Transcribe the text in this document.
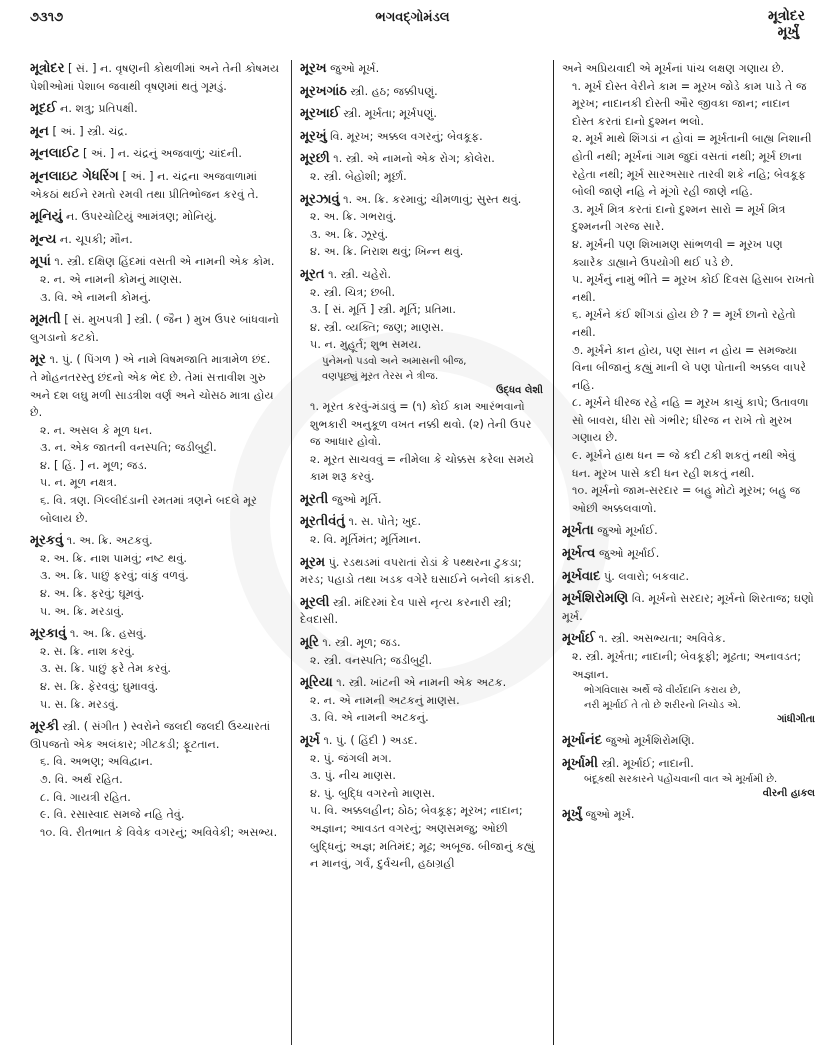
૭૩૧૭	ભગવદ્ગોમંડલ	મૂત્રોદર
મૂર્ખું
મૂત્રોદર [ સં. ] ન. વૃષણની કોથળીમાં અને તેની કોષમય પેશીઓમાં પેશાબ જવાથી વૃષણમાં થતું ગૂમડું.
મૂદઈ ન. શત્રુ; પ્રતિપક્ષી.
મૂન [ અં. ] સ્ત્રી. ચંદ્ર.
મૂનલાઈટ [ અં. ] ન. ચંદ્રનું અજવાળું; ચાંદની.
મૂનલાઇટ ગેધરિંગ [ અં. ] ન. ચંદ્રના અજવાળામાં એકઠાં થઈને રમતો રમવી તથા પ્રીતિભોજન કરવું તે.
મૂનિયું ન. ઉપરચોટિયું આમંત્રણ; મોનિયું.
મૂન્ય ન. ચૂપકી; મૌન.
મૂપાં ૧. સ્ત્રી. દક્ષિણ હિંદમાં વસતી એ નામની એક કોમ.
૨. ન. એ નામની કોમનું માણસ.
૩. વિ. એ નામની કોમનું.
મૂમતી [ સં. મુખપત્રી ] સ્ત્રી. ( જૈન ) મુખ ઉપર બાંધવાનો લુગડાનો કટકો.
મૂર ૧. પું. ( પિંગળ ) એ નામે વિષમજાતિ માત્રામેળ છંદ. તે મોહનતરસ્તુ છંદનો એક ભેદ છે. તેમાં સત્તાવીશ ગુરુ અને દશ લઘુ મળી સાડત્રીશ વર્ણ અને ચોસઠ માત્રા હોય છે.
૨. ન. અસલ કે મૂળ ધન.
૩. ન. એક જાતની વનસ્પતિ; જડીબુટ્ટી.
૪. [ હિં. ] ન. મૂળ; જડ.
૫. ન. મૂળ નક્ષત્ર.
૬. વિ. ત્રણ. ગિલ્લીદંડાની રમતમાં ત્રણને બદલે મૂર બોલાય છે.
મૂરકવું ૧. અ. ક્રિ. અટકવું.
૨. અ. ક્રિ. નાશ પામવું; નષ્ટ થવું.
૩. અ. ક્રિ. પાછું ફરવું; વાંકું વળવું.
૪. અ. ક્રિ. ફરવું; ઘૂમવું.
૫. અ. ક્રિ. મરડાવું.
મૂરકાવું ૧. અ. ક્રિ. હસવું.
૨. સ. ક્રિ. નાશ કરવું.
૩. સ. ક્રિ. પાછું ફરે તેમ કરવું.
૪. સ. ક્રિ. ફેરવવું; ઘુમાવવું.
૫. સ. ક્રિ. મરડવું.
મૂરકી સ્ત્રી. ( સંગીત ) સ્વરોને જલદી જલદી ઉચ્ચારતાં ઊપજતો એક અલંકાર; ગીટકડી; ફૂટતાન.
૬. વિ. અભણ; અવિદ્વાન.
૭. વિ. અર્થ રહિત.
૮. વિ. ગાયત્રી રહિત.
૯. વિ. રસાસ્વાદ સમજે નહિ તેવું.
૧૦. વિ. રીતભાત કે વિવેક વગરનું; અવિવેકી; અસભ્ય.
મૂરખ જુઓ મૂર્ખ.
મૂરખગાંઠ સ્ત્રી. હઠ; જક્કીપણું.
મૂરખાઈ સ્ત્રી. મૂર્ખતા; મૂર્ખપણું.
મૂરખું વિ. મૂરખ; અક્કલ વગરનું; બેવકૂફ.
મૂરછી ૧. સ્ત્રી. એ નામનો એક રોગ; કોલેરા.
૨. સ્ત્રી. બેહોશી; મૂર્છા.
મૂરઝાવું ૧. અ. ક્રિ. કરમાવું; ચીમળાવું; સુસ્ત થવું.
૨. અ. ક્રિ. ગભરાવું.
૩. અ. ક્રિ. ઝૂરવું.
૪. અ. ક્રિ. નિરાશ થવું; ખિન્ન થવું.
મૂરત ૧. સ્ત્રી. ચહેરો.
૨. સ્ત્રી. ચિત્ર; છબી.
૩. [ સં. મૂર્તિ ] સ્ત્રી. મૂર્તિ; પ્રતિમા.
૪. સ્ત્રી. વ્યક્તિ; જણ; માણસ.
૫. ન. મુહૂર્ત; શુભ સમય.
પુનેમનો પડવો અને અમાસની બીજ,
વણપૂછ્યું મૂરત તેરસ ને ત્રીજ.
ઉદ્ધવ લેશી
૧. મૂરત કરવું-મંડાવું = (૧) કોઈ કામ આરંભવાનો શુભકારી અનુકૂળ વખત નક્કી થવો. (૨) તેની ઉપર જ આધાર હોવો.
૨. મૂરત સાચવવું = નીમેલા કે ચોક્કસ કરેલા સમયે કામ શરૂ કરવું.
મૂરતી જુઓ મૂર્તિ.
મૂરતીવંતું ૧. સ. પોતે; ખુદ.
૨. વિ. મૂર્તિમંત; મૂર્તિમાન.
મૂરમ પું. રડથડમાં વપરાતાં રોડાં કે પથ્થરના ટુકડા; મરડ; પહાડો તથા ખડક વગેરે ઘસાઈને બનેલી કાંકરી.
મૂરલી સ્ત્રી. મંદિરમાં દેવ પાસે નૃત્ય કરનારી સ્ત્રી; દેવદાસી.
મૂરિ ૧. સ્ત્રી. મૂળ; જડ.
૨. સ્ત્રી. વનસ્પતિ; જડીબુટ્ટી.
મૂરિયા ૧. સ્ત્રી. ખાંટની એ નામની એક અટક.
૨. ન. એ નામની અટકનું માણસ.
૩. વિ. એ નામની અટકનું.
મૂર્ખ ૧. પું. ( હિંદી ) અડદ.
૨. પું. જંગલી મગ.
૩. પું. નીચ માણસ.
૪. પું. બુદ્ધિ વગરનો માણસ.
૫. વિ. અક્કલહીન; ઠોઠ; બેવકૂફ; મૂરખ; નાદાન; અજ્ઞાન; આવડત વગરનું; અણસમજુ; ઓછી બુદ્ધિનું; અજ્ઞ; મતિમંદ; મૂઢ; અબૂજ. બીજાનું કહ્યું ન માનવું, ગર્વ, દુર્વચની, હઠાગ્રહી
અને અપ્રિયવાદી એ મૂર્ખનાં પાંચ લક્ષણ ગણાય છે.
૧. મૂર્ખ દોસ્ત વેરીને કામ = મૂરખ જોડે કામ પાડે તે જ મૂરખ; નાદાનકી દોસ્તી ઔર જીવકા જાન; નાદાન દોસ્ત કરતાં દાનો દુશ્મન ભલો.
૨. મૂર્ખ માથે શિંગડાં ન હોવાં = મૂર્ખતાની બાહ્ય નિશાની હોતી નથી; મૂર્ખનાં ગામ જુદાં વસતાં નથી; મૂર્ખ છાના રહેતા નથી; મૂર્ખ સારઅસાર તારવી શકે નહિ; બેવકૂફ બોલી જાણે નહિ ને મૂંગો રહી જાણે નહિ.
૩. મૂર્ખ મિત્ર કરતાં દાનો દુશ્મન સારો = મૂર્ખ મિત્ર દુશ્મનની ગરજ સારે.
૪. મૂર્ખની પણ શિખામણ સાંભળવી = મૂરખ પણ ક્યારેક ડાહ્યાને ઉપયોગી થઈ પડે છે.
૫. મૂર્ખનું નામું ભીંતે = મૂરખ કોઈ દિવસ હિસાબ રાખતો નથી.
૬. મૂર્ખને કંઈ શીંગડાં હોય છે ? = મૂર્ખ છાનો રહેતો નથી.
૭. મૂર્ખને કાન હોય, પણ સાન ન હોય = સમજ્યા વિના બીજાનું કહ્યું માની લે પણ પોતાની અક્કલ વાપરે નહિ.
૮. મૂર્ખને ધીરજ રહે નહિ = મૂરખ કાચું કાપે; ઉતાવળા સો બાવરા, ધીરા સો ગંભીર; ધીરજ ન રાખે તો મુરખ ગણાય છે.
૯. મૂર્ખને હાથ ધન = જે કદી ટકી શકતું નથી એવું ધન. મૂરખ પાસે કદી ધન રહી શકતું નથી.
૧૦. મૂર્ખનો જામ-સરદાર = બહુ મોટો મૂરખ; બહુ જ ઓછી અક્કલવાળો.
મૂર્ખતા જુઓ મૂર્ખાઈ.
મૂર્ખત્વ જુઓ મૂર્ખાઈ.
મૂર્ખવાદ પું. લવારો; બકવાટ.
મૂર્ખશિરોમણિ વિ. મૂર્ખનો સરદાર; મૂર્ખનો શિરતાજ; ઘણો મૂર્ખ.
મૂર્ખાઈ ૧. સ્ત્રી. અસભ્યતા; અવિવેક.
૨. સ્ત્રી. મૂર્ખતા; નાદાની; બેવકૂફી; મૂઢતા; અનાવડત; અજ્ઞાન.
ભોગવિલાસ અર્થે જે વીર્યદાનિ કરાય છે,
નરી મૂર્ખાઈ તે તો છે શરીરનો નિચોડ એ.
ગાંધીગીતા
મૂર્ખાનંદ જુઓ મૂર્ખશિરોમણિ.
મૂર્ખામી સ્ત્રી. મૂર્ખાઈ; નાદાની.
બંદૂકથી સરકારને પહોંચવાની વાત એ મૂર્ખામી છે.
વીરની હાકલ
મૂર્ખું જુઓ મૂર્ખ.
